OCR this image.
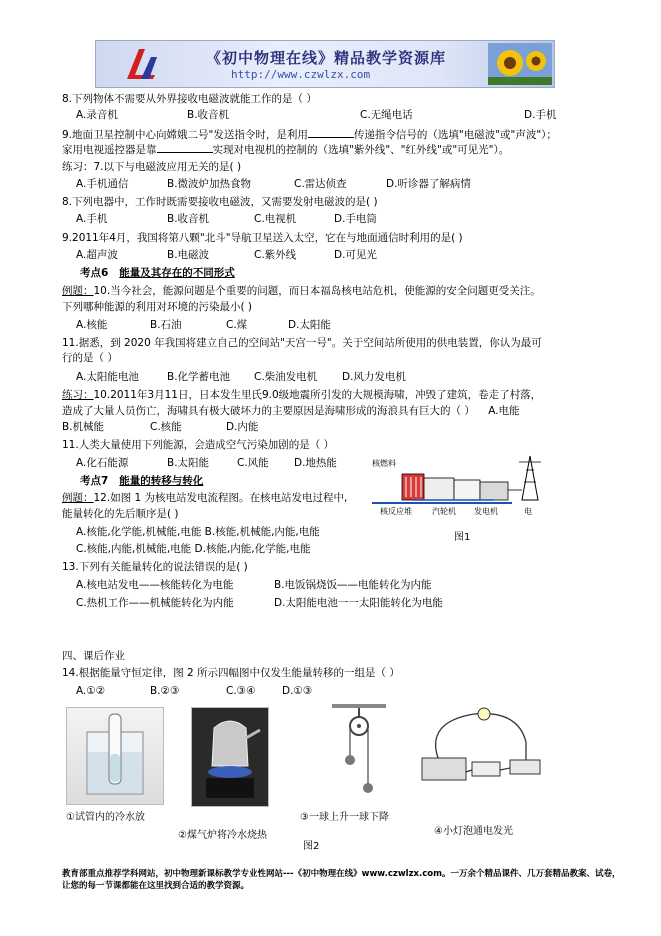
《初中物理在线》精品教学资源库
http://www.czwlzx.com
8.下列物体不需要从外界接收电磁波就能工作的是（ ）
A.录音机	B.收音机	C.无绳电话	D.手机
9.地面卫星控制中心向嫦娥二号"发送指令时，是利用	传递指令信号的（选填"电磁波"或"声波"）；
家用电视遥控器是靠	实现对电视机的控制的（选填"紫外线"、"红外线"或"可见光"）。
练习：7.以下与电磁波应用无关的是( )
A.手机通信	B.微波炉加热食物	C.雷达侦查	D.听诊器了解病情
8.下列电器中，工作时既需要接收电磁波，又需要发射电磁波的是( )
A.手机	B.收音机	C.电视机	D.手电筒
9.2011年4月，我国将第八颗"北斗"导航卫星送入太空，它在与地面通信时利用的是( )
A.超声波	B.电磁波	C.紫外线	D.可见光
考点6 能量及其存在的不同形式
例题：10.当今社会，能源问题是个重要的问题，而日本福岛核电站危机，使能源的安全问题更受关注。
下列哪种能源的利用对环境的污染最小( )
A.核能	B.石油	C.煤	D.太阳能
11.据悉，到 2020 年我国将建立自己的空间站"天宫一号"。关于空间站所使用的供电装置，你认为最可
行的是（ ）
A.太阳能电池	B.化学蓄电池 C.柴油发电机 D.风力发电机
练习：10.2011年3月11日，日本发生里氏9.0级地震所引发的大规模海啸，冲毁了建筑，卷走了村落，
造成了大量人员伤亡，海啸具有极大破坏力的主要原因是海啸形成的海浪具有巨大的（ ） A.电能
B.机械能	C.核能	D.内能
11.人类大量使用下列能源，会造成空气污染加剧的是（ ）
A.化石能源	B.太阳能	C.风能 D.地热能
考点7 能量的转移与转化
核燃料
核反应堆	汽轮机 发电机	电
图1
例题：12.如图 1 为核电站发电流程图。在核电站发电过程中,
能量转化的先后顺序是( )
A.核能,化学能,机械能,电能 B.核能,机械能,内能,电能
C.核能,内能,机械能,电能 D.核能,内能,化学能,电能
13.下列有关能量转化的说法错误的是( )
A.核电站发电——核能转化为电能	B.电饭锅烧饭——电能转化为内能
C.热机工作——机械能转化为内能	D.太阳能电池一一太阳能转化为电能
四、课后作业
14.根据能量守恒定律，图 2 所示四幅图中仅发生能量转移的一组是（ ）
A.①②	B.②③	C.③④	D.①③
①试管内的冷水放
②煤气炉将冷水烧热
③一球上升一球下降
④小灯泡通电发光
图2
教育部重点推荐学科网站，初中物理新课标教学专业性网站---《初中物理在线》www.czwlzx.com。一万余个精品课件、几万套精品教案、试卷，让您的每一节课都能在这里找到合适的教学资源。
